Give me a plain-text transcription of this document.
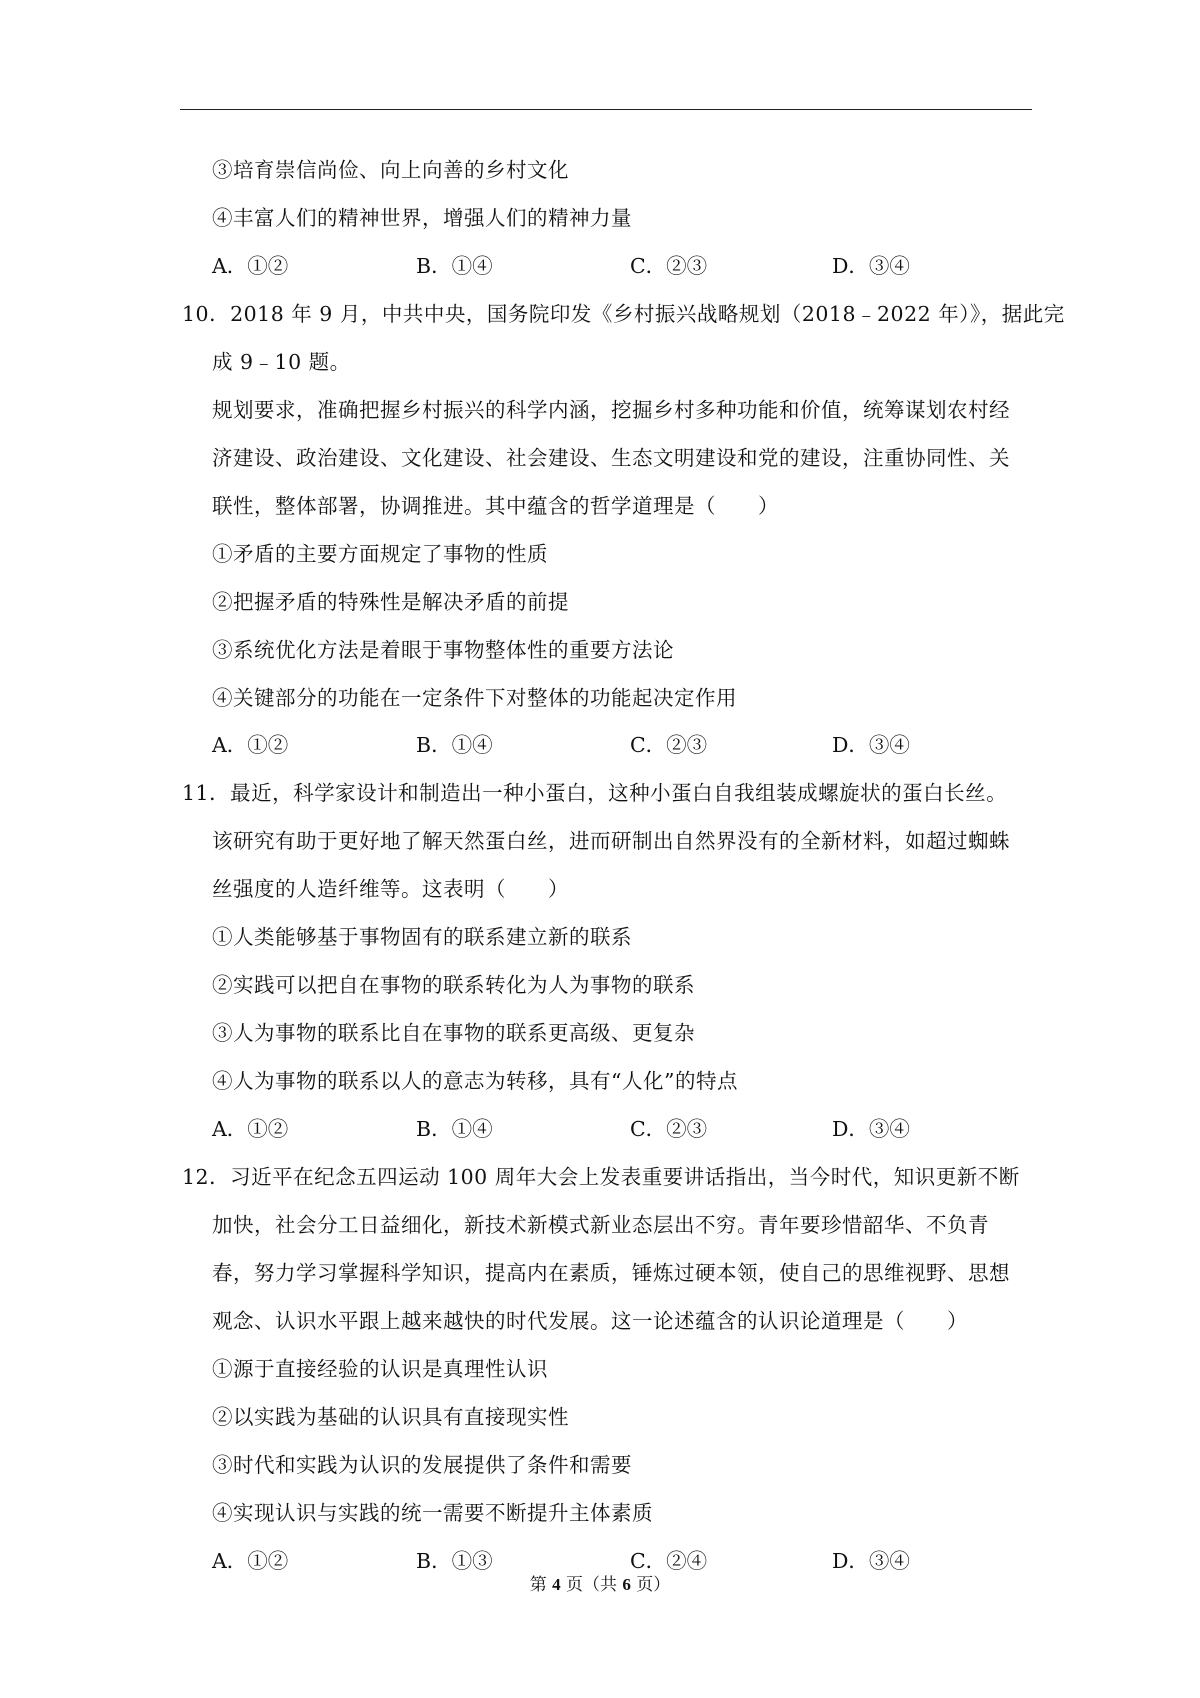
③培育崇信尚俭、向上向善的乡村文化
④丰富人们的精神世界，增强人们的精神力量
A．①②	B．①④	C．②③	D．③④
10．2018 年 9 月，中共中央，国务院印发《乡村振兴战略规划（2018﹣2022 年）》，据此完
成 9﹣10 题。
规划要求，准确把握乡村振兴的科学内涵，挖掘乡村多种功能和价值，统筹谋划农村经
济建设、政治建设、文化建设、社会建设、生态文明建设和党的建设，注重协同性、关
联性，整体部署，协调推进。其中蕴含的哲学道理是（　　）
①矛盾的主要方面规定了事物的性质
②把握矛盾的特殊性是解决矛盾的前提
③系统优化方法是着眼于事物整体性的重要方法论
④关键部分的功能在一定条件下对整体的功能起决定作用
A．①②	B．①④	C．②③	D．③④
11．最近，科学家设计和制造出一种小蛋白，这种小蛋白自我组装成螺旋状的蛋白长丝。
该研究有助于更好地了解天然蛋白丝，进而研制出自然界没有的全新材料，如超过蜘蛛
丝强度的人造纤维等。这表明（　　）
①人类能够基于事物固有的联系建立新的联系
②实践可以把自在事物的联系转化为人为事物的联系
③人为事物的联系比自在事物的联系更高级、更复杂
④人为事物的联系以人的意志为转移，具有“人化”的特点
A．①②	B．①④	C．②③	D．③④
12．习近平在纪念五四运动 100 周年大会上发表重要讲话指出，当今时代，知识更新不断
加快，社会分工日益细化，新技术新模式新业态层出不穷。青年要珍惜韶华、不负青
春，努力学习掌握科学知识，提高内在素质，锤炼过硬本领，使自己的思维视野、思想
观念、认识水平跟上越来越快的时代发展。这一论述蕴含的认识论道理是（　　）
①源于直接经验的认识是真理性认识
②以实践为基础的认识具有直接现实性
③时代和实践为认识的发展提供了条件和需要
④实现认识与实践的统一需要不断提升主体素质
A．①②	B．①③	C．②④	D．③④
第 4 页（共 6 页）
